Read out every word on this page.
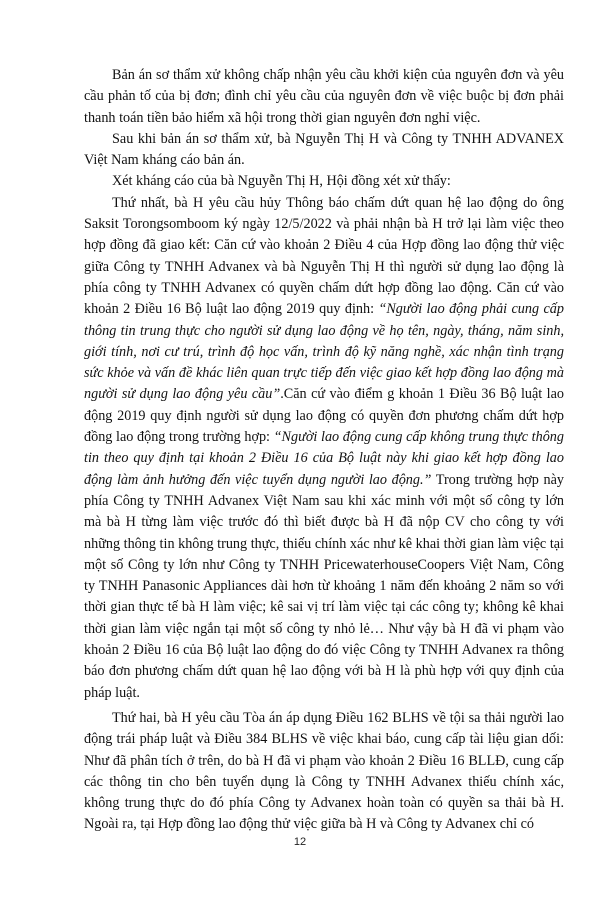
Bản án sơ thẩm xử không chấp nhận yêu cầu khởi kiện của nguyên đơn và yêu cầu phản tố của bị đơn; đình chỉ yêu cầu của nguyên đơn về việc buộc bị đơn phải thanh toán tiền bảo hiểm xã hội trong thời gian nguyên đơn nghỉ việc.

Sau khi bản án sơ thẩm xử, bà Nguyễn Thị H và Công ty TNHH ADVANEX Việt Nam kháng cáo bản án.

Xét kháng cáo của bà Nguyễn Thị H, Hội đồng xét xử thấy:

Thứ nhất, bà H yêu cầu hủy Thông báo chấm dứt quan hệ lao động do ông Saksit Torongsomboom ký ngày 12/5/2022 và phải nhận bà H trở lại làm việc theo hợp đồng đã giao kết: Căn cứ vào khoản 2 Điều 4 của Hợp đồng lao động thử việc giữa Công ty TNHH Advanex và bà Nguyễn Thị H thì người sử dụng lao động là phía công ty TNHH Advanex có quyền chấm dứt hợp đồng lao động. Căn cứ vào khoản 2 Điều 16 Bộ luật lao động 2019 quy định: “Người lao động phải cung cấp thông tin trung thực cho người sử dụng lao động về họ tên, ngày, tháng, năm sinh, giới tính, nơi cư trú, trình độ học vấn, trình độ kỹ năng nghề, xác nhận tình trạng sức khỏe và vấn đề khác liên quan trực tiếp đến việc giao kết hợp đồng lao động mà người sử dụng lao động yêu cầu”.Căn cứ vào điểm g khoản 1 Điều 36 Bộ luật lao động 2019 quy định người sử dụng lao động có quyền đơn phương chấm dứt hợp đồng lao động trong trường hợp: “Người lao động cung cấp không trung thực thông tin theo quy định tại khoản 2 Điều 16 của Bộ luật này khi giao kết hợp đồng lao động làm ảnh hưởng đến việc tuyển dụng người lao động.” Trong trường hợp này phía Công ty TNHH Advanex Việt Nam sau khi xác minh với một số công ty lớn mà bà H từng làm việc trước đó thì biết được bà H đã nộp CV cho công ty với những thông tin không trung thực, thiếu chính xác như kê khai thời gian làm việc tại một số Công ty lớn như Công ty TNHH PricewaterhouseCoopers Việt Nam, Công ty TNHH Panasonic Appliances dài hơn từ khoảng 1 năm đến khoảng 2 năm so với thời gian thực tế bà H làm việc; kê sai vị trí làm việc tại các công ty; không kê khai thời gian làm việc ngắn tại một số công ty nhỏ lẻ… Như vậy bà H đã vi phạm vào khoản 2 Điều 16 của Bộ luật lao động do đó việc Công ty TNHH Advanex ra thông báo đơn phương chấm dứt quan hệ lao động với bà H là phù hợp với quy định của pháp luật.

Thứ hai, bà H yêu cầu Tòa án áp dụng Điều 162 BLHS về tội sa thải người lao động trái pháp luật và Điều 384 BLHS về việc khai báo, cung cấp tài liệu gian dối: Như đã phân tích ở trên, do bà H đã vi phạm vào khoản 2 Điều 16 BLLĐ, cung cấp các thông tin cho bên tuyển dụng là Công ty TNHH Advanex thiếu chính xác, không trung thực do đó phía Công ty Advanex hoàn toàn có quyền sa thải bà H. Ngoài ra, tại Hợp đồng lao động thử việc giữa bà H và Công ty Advanex chỉ có

12
